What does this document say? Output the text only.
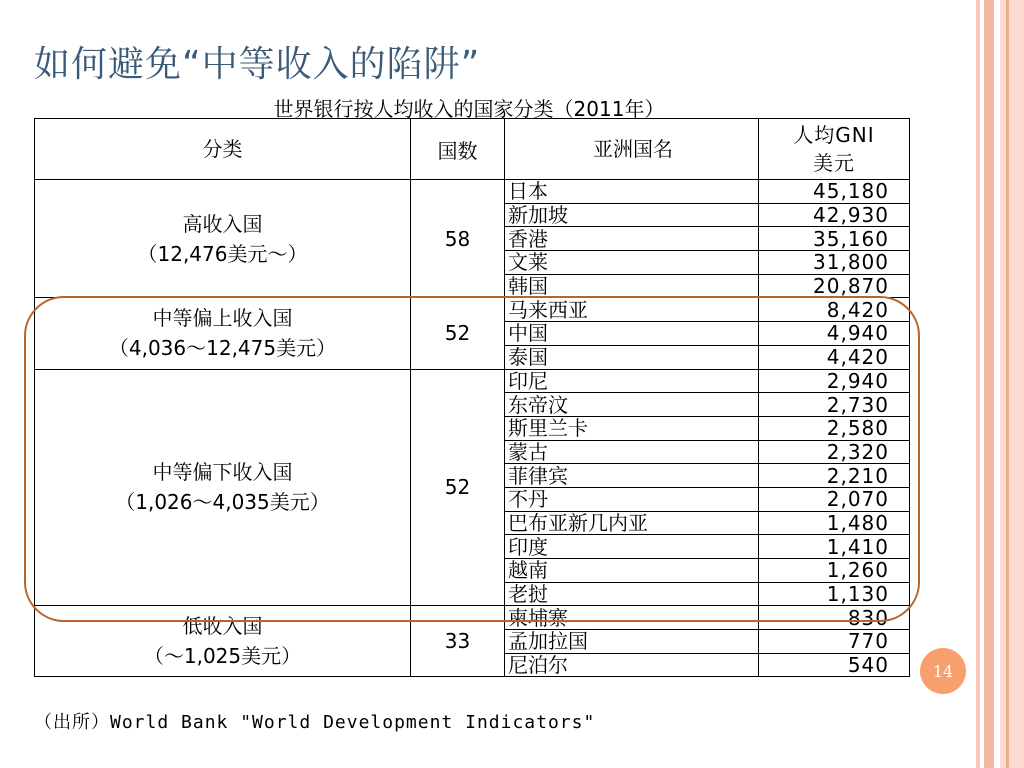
如何避免“中等收入的陷阱”
世界银行按人均收入的国家分类（2011年）
分类	国数	亚洲国名	人均GNI
美元

高收入国
（12,476美元～）	58	日本	45,180
		新加坡	42,930
		香港	35,160
		文莱	31,800
		韩国	20,870

中等偏上收入国
（4,036～12,475美元）	52	马来西亚	8,420
		中国	4,940
		泰国	4,420

中等偏下收入国
（1,026～4,035美元）	52	印尼	2,940
		东帝汶	2,730
		斯里兰卡	2,580
		蒙古	2,320
		菲律宾	2,210
		不丹	2,070
		巴布亚新几内亚	1,480
		印度	1,410
		越南	1,260
		老挝	1,130

低收入国
（～1,025美元）	33	柬埔寨	830
		孟加拉国	770
		尼泊尔	540
（出所）World Bank "World Development Indicators"
14
